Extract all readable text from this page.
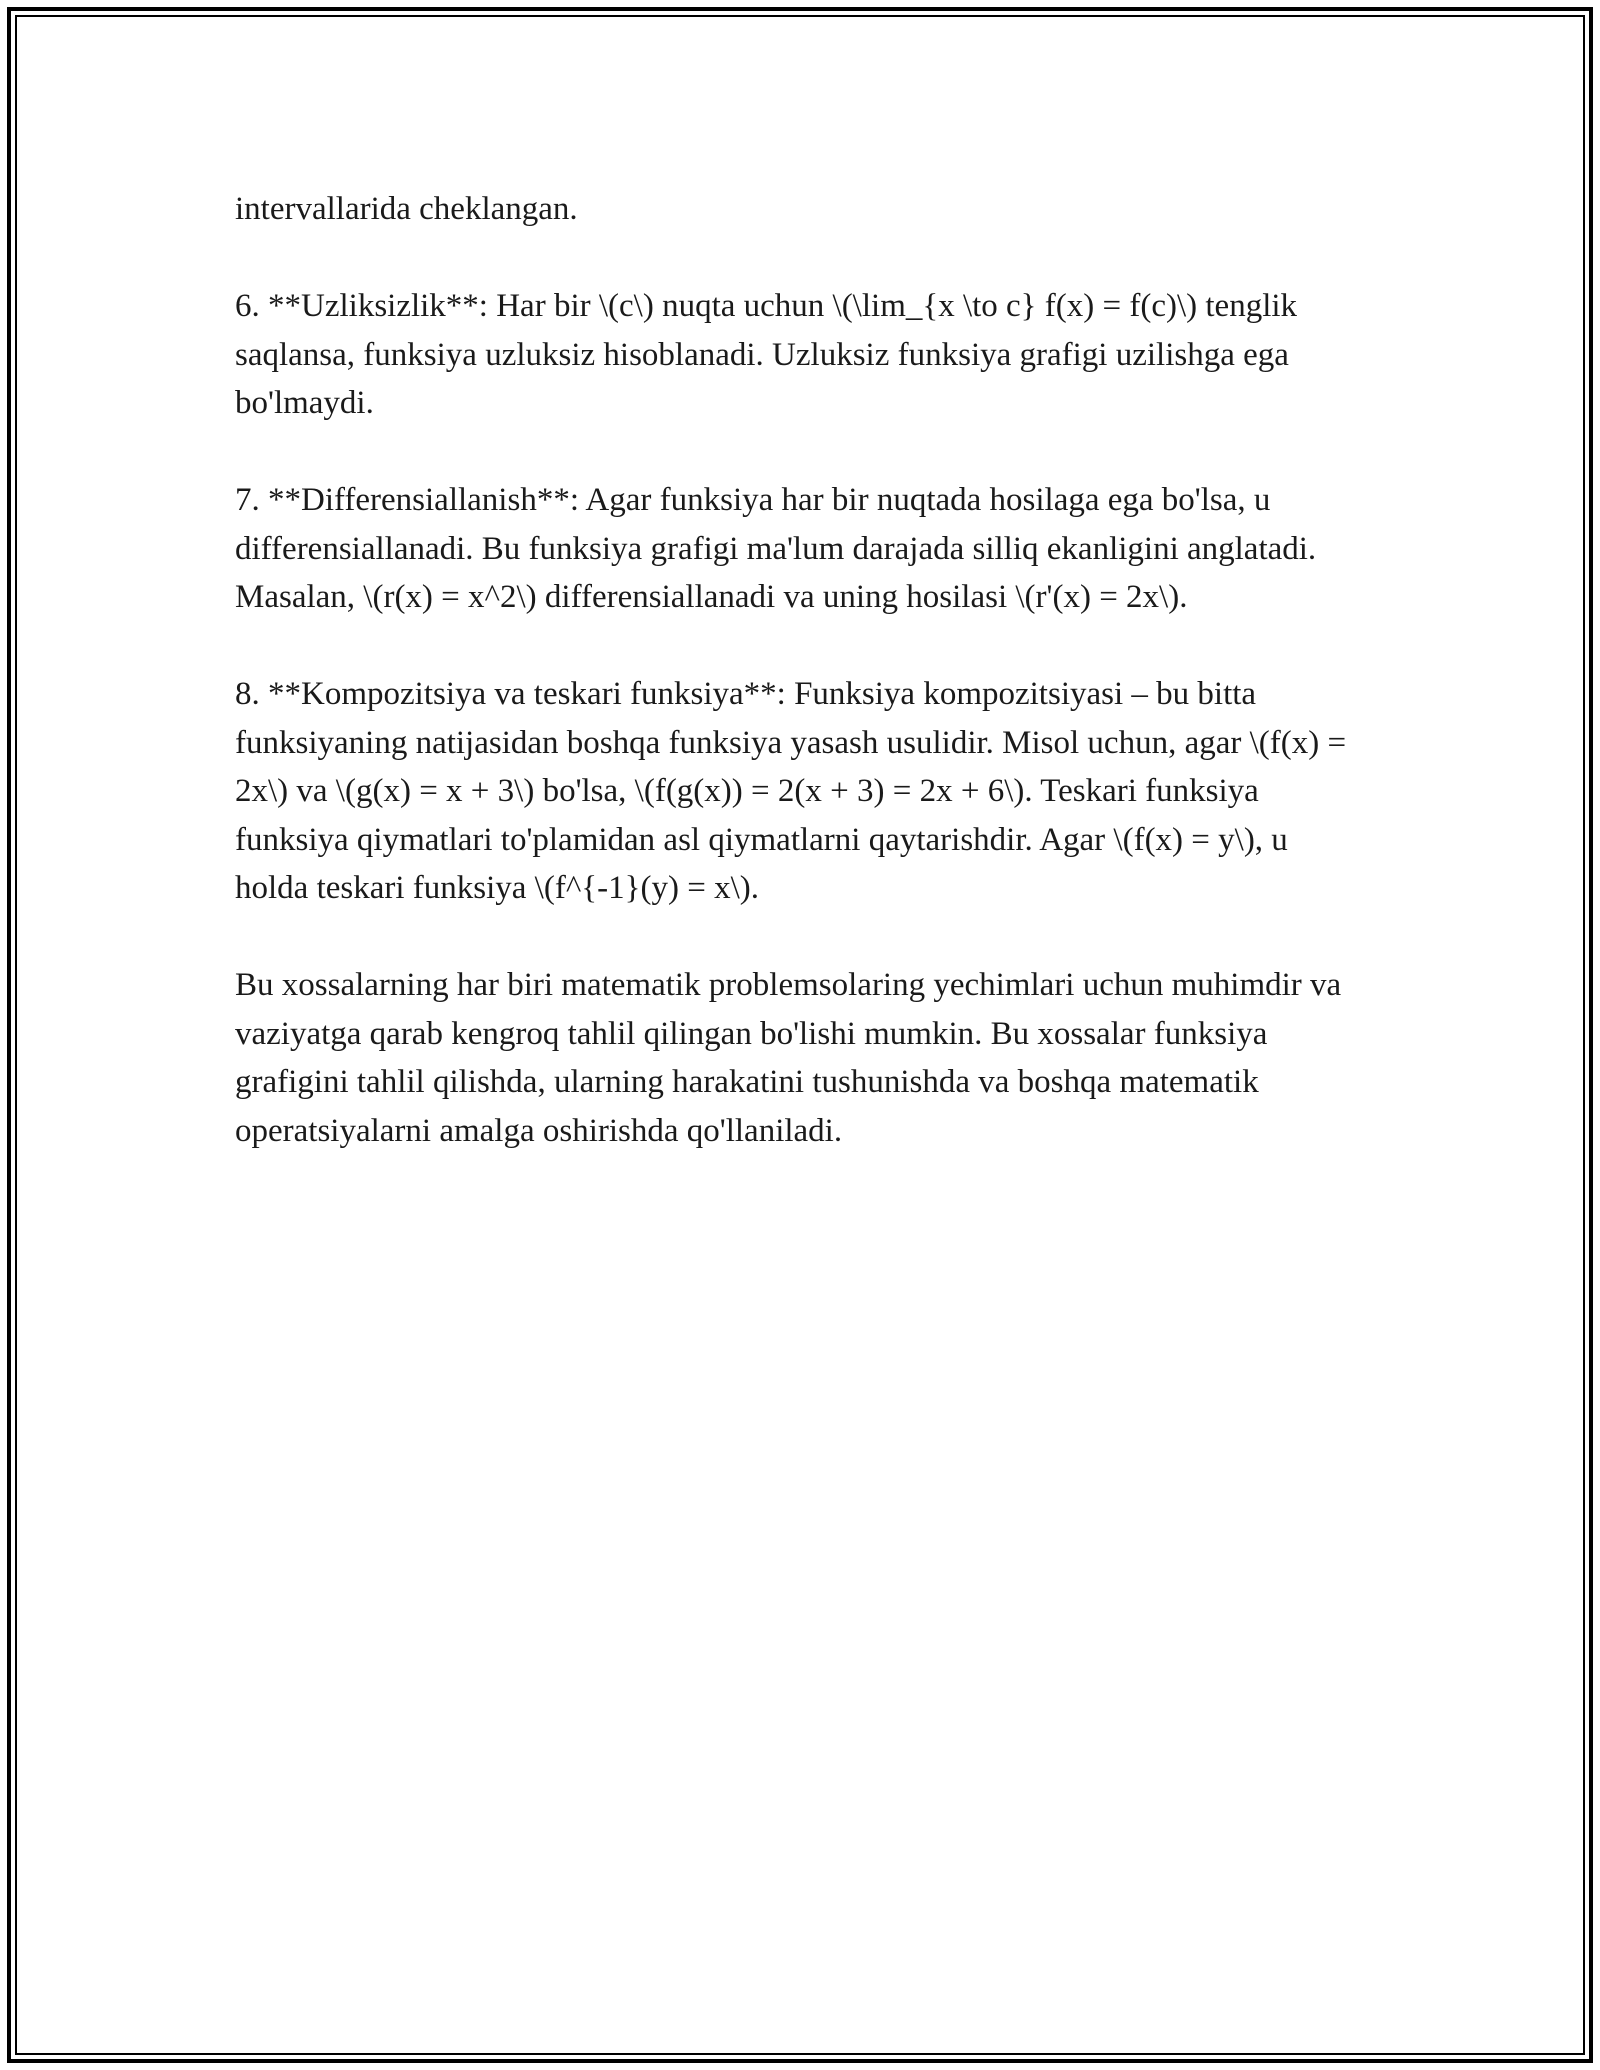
intervallarida cheklangan.

6. **Uzliksizlik**: Har bir \(c\) nuqta uchun \(\lim_{x \to c} f(x) = f(c)\) tenglik saqlansa, funksiya uzluksiz hisoblanadi. Uzluksiz funksiya grafigi uzilishga ega bo'lmaydi.

7. **Differensiallanish**: Agar funksiya har bir nuqtada hosilaga ega bo'lsa, u differensiallanadi. Bu funksiya grafigi ma'lum darajada silliq ekanligini anglatadi. Masalan, \(r(x) = x^2\) differensiallanadi va uning hosilasi \(r'(x) = 2x\).

8. **Kompozitsiya va teskari funksiya**: Funksiya kompozitsiyasi – bu bitta funksiyaning natijasidan boshqa funksiya yasash usulidir. Misol uchun, agar \(f(x) = 2x\) va \(g(x) = x + 3\) bo'lsa, \(f(g(x)) = 2(x + 3) = 2x + 6\). Teskari funksiya funksiya qiymatlari to'plamidan asl qiymatlarni qaytarishdir. Agar \(f(x) = y\), u holda teskari funksiya \(f^{-1}(y) = x\).

Bu xossalarning har biri matematik problemsolaring yechimlari uchun muhimdir va vaziyatga qarab kengroq tahlil qilingan bo'lishi mumkin. Bu xossalar funksiya grafigini tahlil qilishda, ularning harakatini tushunishda va boshqa matematik operatsiyalarni amalga oshirishda qo'llaniladi.
